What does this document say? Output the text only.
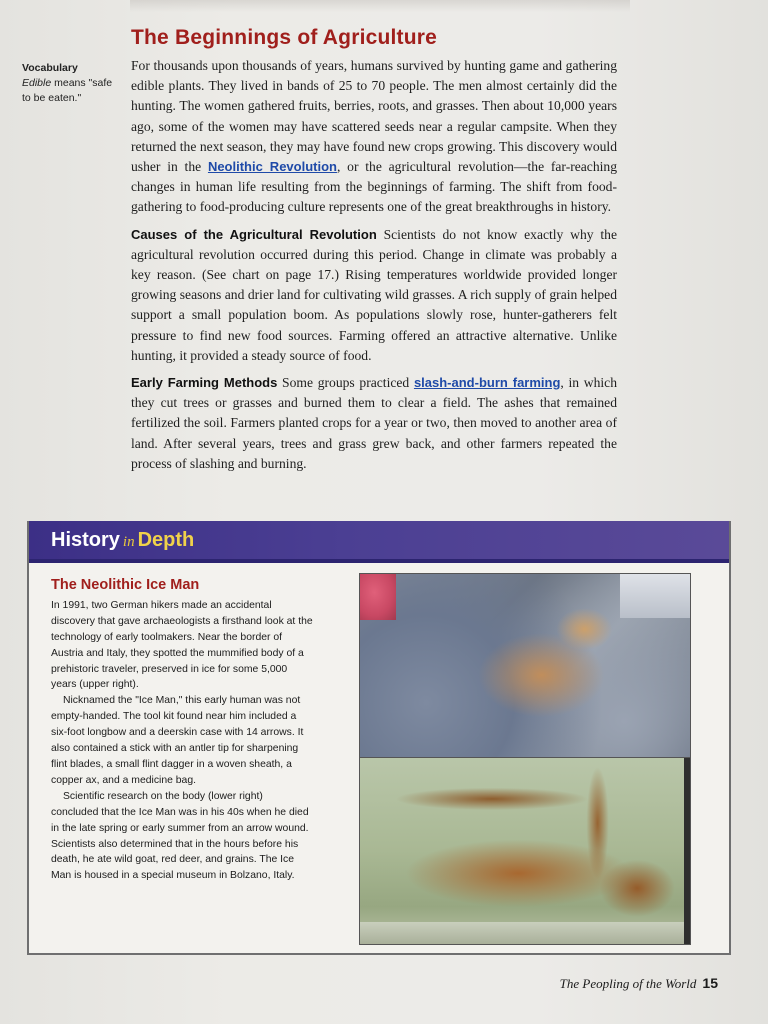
Vocabulary
Edible means "safe to be eaten."
The Beginnings of Agriculture

For thousands upon thousands of years, humans survived by hunting game and gathering edible plants. They lived in bands of 25 to 70 people. The men almost certainly did the hunting. The women gathered fruits, berries, roots, and grasses. Then about 10,000 years ago, some of the women may have scattered seeds near a regular campsite. When they returned the next season, they may have found new crops growing. This discovery would usher in the Neolithic Revolution, or the agricultural revolution—the far-reaching changes in human life resulting from the beginnings of farming. The shift from food-gathering to food-producing culture represents one of the great breakthroughs in history.

Causes of the Agricultural Revolution Scientists do not know exactly why the agricultural revolution occurred during this period. Change in climate was probably a key reason. (See chart on page 17.) Rising temperatures worldwide provided longer growing seasons and drier land for cultivating wild grasses. A rich supply of grain helped support a small population boom. As populations slowly rose, hunter-gatherers felt pressure to find new food sources. Farming offered an attractive alternative. Unlike hunting, it provided a steady source of food.

Early Farming Methods Some groups practiced slash-and-burn farming, in which they cut trees or grasses and burned them to clear a field. The ashes that remained fertilized the soil. Farmers planted crops for a year or two, then moved to another area of land. After several years, trees and grass grew back, and other farmers repeated the process of slashing and burning.

History in Depth
The Neolithic Ice Man

In 1991, two German hikers made an accidental discovery that gave archaeologists a firsthand look at the technology of early toolmakers. Near the border of Austria and Italy, they spotted the mummified body of a prehistoric traveler, preserved in ice for some 5,000 years (upper right).

Nicknamed the "Ice Man," this early human was not empty-handed. The tool kit found near him included a six-foot longbow and a deerskin case with 14 arrows. It also contained a stick with an antler tip for sharpening flint blades, a small flint dagger in a woven sheath, a copper ax, and a medicine bag.

Scientific research on the body (lower right) concluded that the Ice Man was in his 40s when he died in the late spring or early summer from an arrow wound. Scientists also determined that in the hours before his death, he ate wild goat, red deer, and grains. The Ice Man is housed in a special museum in Bolzano, Italy.

The Peopling of the World 15
